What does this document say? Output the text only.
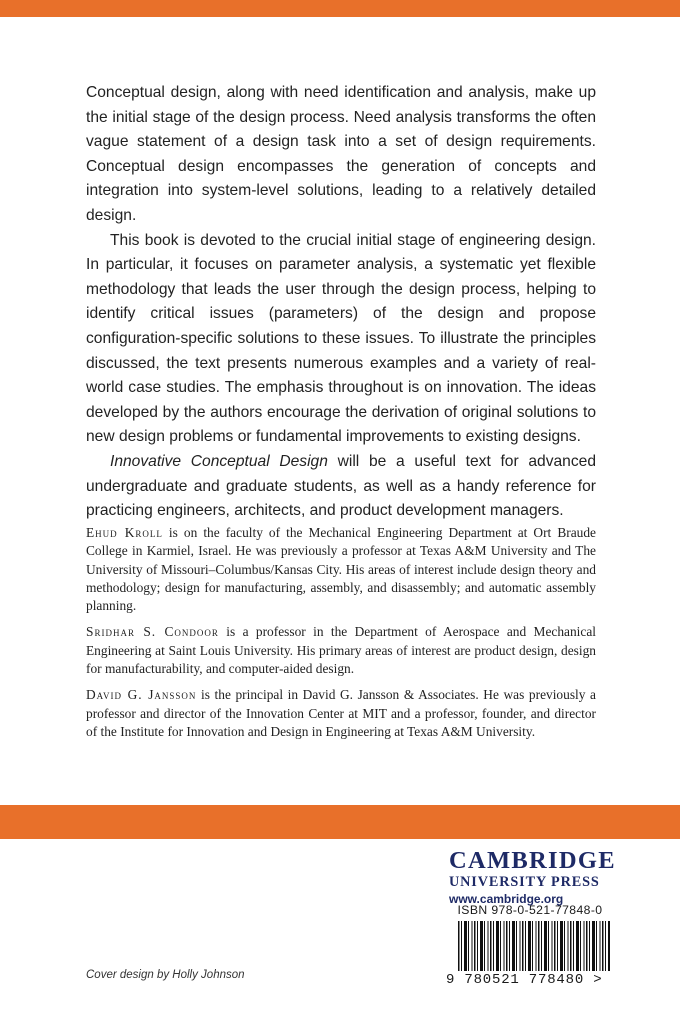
Conceptual design, along with need identification and analysis, make up the initial stage of the design process. Need analysis transforms the often vague statement of a design task into a set of design requirements. Conceptual design encompasses the generation of concepts and integration into system-level solutions, leading to a relatively detailed design.

This book is devoted to the crucial initial stage of engineering design. In particular, it focuses on parameter analysis, a systematic yet flexible methodology that leads the user through the design process, helping to identify critical issues (parameters) of the design and propose configuration-specific solutions to these issues. To illustrate the principles discussed, the text presents numerous examples and a variety of real-world case studies. The emphasis throughout is on innovation. The ideas developed by the authors encourage the derivation of original solutions to new design problems or fundamental improvements to existing designs.

Innovative Conceptual Design will be a useful text for advanced undergraduate and graduate students, as well as a handy reference for practicing engineers, architects, and product development managers.

Ehud Kroll is on the faculty of the Mechanical Engineering Department at Ort Braude College in Karmiel, Israel. He was previously a professor at Texas A&M University and The University of Missouri–Columbus/Kansas City. His areas of interest include design theory and methodology; design for manufacturing, assembly, and disassembly; and automatic assembly planning.

Sridhar S. Condoor is a professor in the Department of Aerospace and Mechanical Engineering at Saint Louis University. His primary areas of interest are product design, design for manufacturability, and computer-aided design.

David G. Jansson is the principal in David G. Jansson & Associates. He was previously a professor and director of the Innovation Center at MIT and a professor, founder, and director of the Institute for Innovation and Design in Engineering at Texas A&M University.

CAMBRIDGE
UNIVERSITY PRESS
www.cambridge.org
ISBN 978-0-521-77848-0
9 780521 778480 >
Cover design by Holly Johnson
